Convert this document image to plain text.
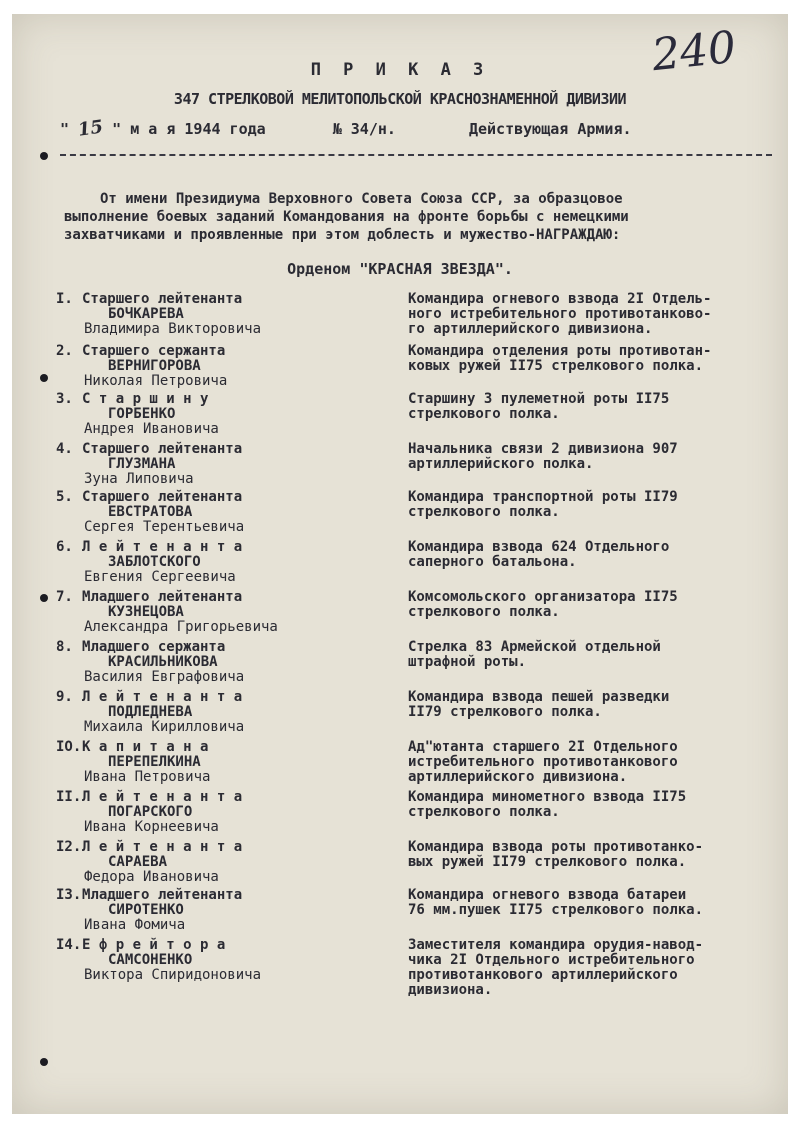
240
П Р И К А З
347 СТРЕЛКОВОЙ МЕЛИТОПОЛЬСКОЙ КРАСНОЗНАМЕННОЙ ДИВИЗИИ
" 15 " м а я 1944 года	№ 34/н.	Действующая Армия.
От имени Президиума Верховного Совета Союза ССР, за образцовое
выполнение боевых заданий Командования на фронте борьбы с немецкими
захватчиками и проявленные при этом доблесть и мужество-НАГРАЖДАЮ:
Орденом "КРАСНАЯ ЗВЕЗДА".
I. Старшего лейтенанта
БОЧКАРЕВА
Владимира Викторовича
Командира огневого взвода 2I Отдель-
ного истребительного противотанково-
го артиллерийского дивизиона.
2. Старшего сержанта
ВЕРНИГОРОВА
Николая Петровича
Командира отделения роты противотан-
ковых ружей II75 стрелкового полка.
3. С т а р ш и н у
ГОРБЕНКО
Андрея Ивановича
Старшину 3 пулеметной роты II75
стрелкового полка.
4. Старшего лейтенанта
ГЛУЗМАНА
Зуна Липовича
Начальника связи 2 дивизиона 907
артиллерийского полка.
5. Старшего лейтенанта
ЕВСТРАТОВА
Сергея Терентьевича
Командира транспортной роты II79
стрелкового полка.
6. Л е й т е н а н т а
ЗАБЛОТСКОГО
Евгения Сергеевича
Командира взвода 624 Отдельного
саперного батальона.
7. Младшего лейтенанта
КУЗНЕЦОВА
Александра Григорьевича
Комсомольского организатора II75
стрелкового полка.
8. Младшего сержанта
КРАСИЛЬНИКОВА
Василия Евграфовича
Стрелка 83 Армейской отдельной
штрафной роты.
9. Л е й т е н а н т а
ПОДЛЕДНЕВА
Михаила Кирилловича
Командира взвода пешей разведки
II79 стрелкового полка.
IO.К а п и т а н а
ПЕРЕПЕЛКИНА
Ивана Петровича
Ад"ютанта старшего 2I Отдельного
истребительного противотанкового
артиллерийского дивизиона.
II.Л е й т е н а н т а
ПОГАРСКОГО
Ивана Корнеевича
Командира минометного взвода II75
стрелкового полка.
I2.Л е й т е н а н т а
САРАЕВА
Федора Ивановича
Командира взвода роты противотанко-
вых ружей II79 стрелкового полка.
I3.Младшего лейтенанта
СИРОТЕНКО
Ивана Фомича
Командира огневого взвода батареи
76 мм.пушек II75 стрелкового полка.
I4.Е ф р е й т о р а
САМСОНЕНКО
Виктора Спиридоновича
Заместителя командира орудия-навод-
чика 2I Отдельного истребительного
противотанкового артиллерийского
дивизиона.
